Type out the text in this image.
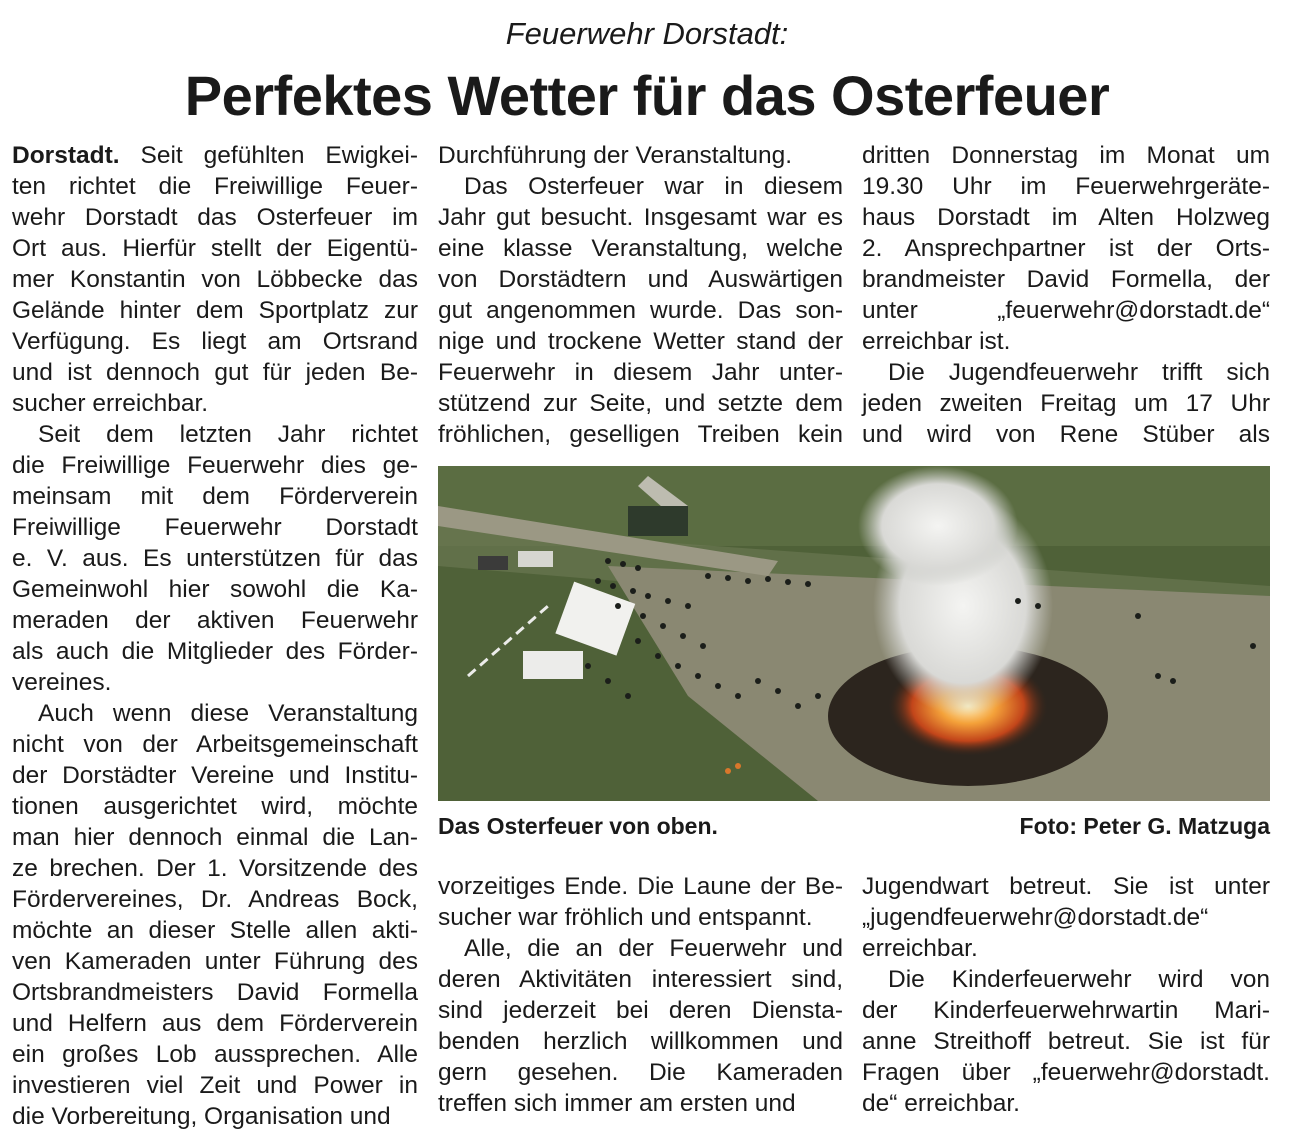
Feuerwehr Dorstadt:
Perfektes Wetter für das Osterfeuer
Dorstadt. Seit gefühlten Ewigkei-
ten richtet die Freiwillige Feuer-
wehr Dorstadt das Osterfeuer im
Ort aus. Hierfür stellt der Eigentü-
mer Konstantin von Löbbecke das
Gelände hinter dem Sportplatz zur
Verfügung. Es liegt am Ortsrand
und ist dennoch gut für jeden Be-
sucher erreichbar.
Seit dem letzten Jahr richtet
die Freiwillige Feuerwehr dies ge-
meinsam mit dem Förderverein
Freiwillige Feuerwehr Dorstadt
e. V. aus. Es unterstützen für das
Gemeinwohl hier sowohl die Ka-
meraden der aktiven Feuerwehr
als auch die Mitglieder des Förder-
vereines.
Auch wenn diese Veranstaltung
nicht von der Arbeitsgemeinschaft
der Dorstädter Vereine und Institu-
tionen ausgerichtet wird, möchte
man hier dennoch einmal die Lan-
ze brechen. Der 1. Vorsitzende des
Fördervereines, Dr. Andreas Bock,
möchte an dieser Stelle allen akti-
ven Kameraden unter Führung des
Ortsbrandmeisters David Formella
und Helfern aus dem Förderverein
ein großes Lob aussprechen. Alle
investieren viel Zeit und Power in
die Vorbereitung, Organisation und
Durchführung der Veranstaltung.
Das Osterfeuer war in diesem
Jahr gut besucht. Insgesamt war es
eine klasse Veranstaltung, welche
von Dorstädtern und Auswärtigen
gut angenommen wurde. Das son-
nige und trockene Wetter stand der
Feuerwehr in diesem Jahr unter-
stützend zur Seite, und setzte dem
fröhlichen, geselligen Treiben kein
vorzeitiges Ende. Die Laune der Be-
sucher war fröhlich und entspannt.
Alle, die an der Feuerwehr und
deren Aktivitäten interessiert sind,
sind jederzeit bei deren Diensta-
benden herzlich willkommen und
gern gesehen. Die Kameraden
treffen sich immer am ersten und
dritten Donnerstag im Monat um
19.30 Uhr im Feuerwehrgeräte-
haus Dorstadt im Alten Holzweg
2. Ansprechpartner ist der Orts-
brandmeister David Formella, der
unter „feuerwehr@dorstadt.de“
erreichbar ist.
Die Jugendfeuerwehr trifft sich
jeden zweiten Freitag um 17 Uhr
und wird von Rene Stüber als
Jugendwart betreut. Sie ist unter
„jugendfeuerwehr@dorstadt.de“
erreichbar.
Die Kinderfeuerwehr wird von
der Kinderfeuerwehrwartin Mari-
anne Streithoff betreut. Sie ist für
Fragen über „feuerwehr@dorstadt.
de“ erreichbar.
Das Osterfeuer von oben.	Foto: Peter G. Matzuga
